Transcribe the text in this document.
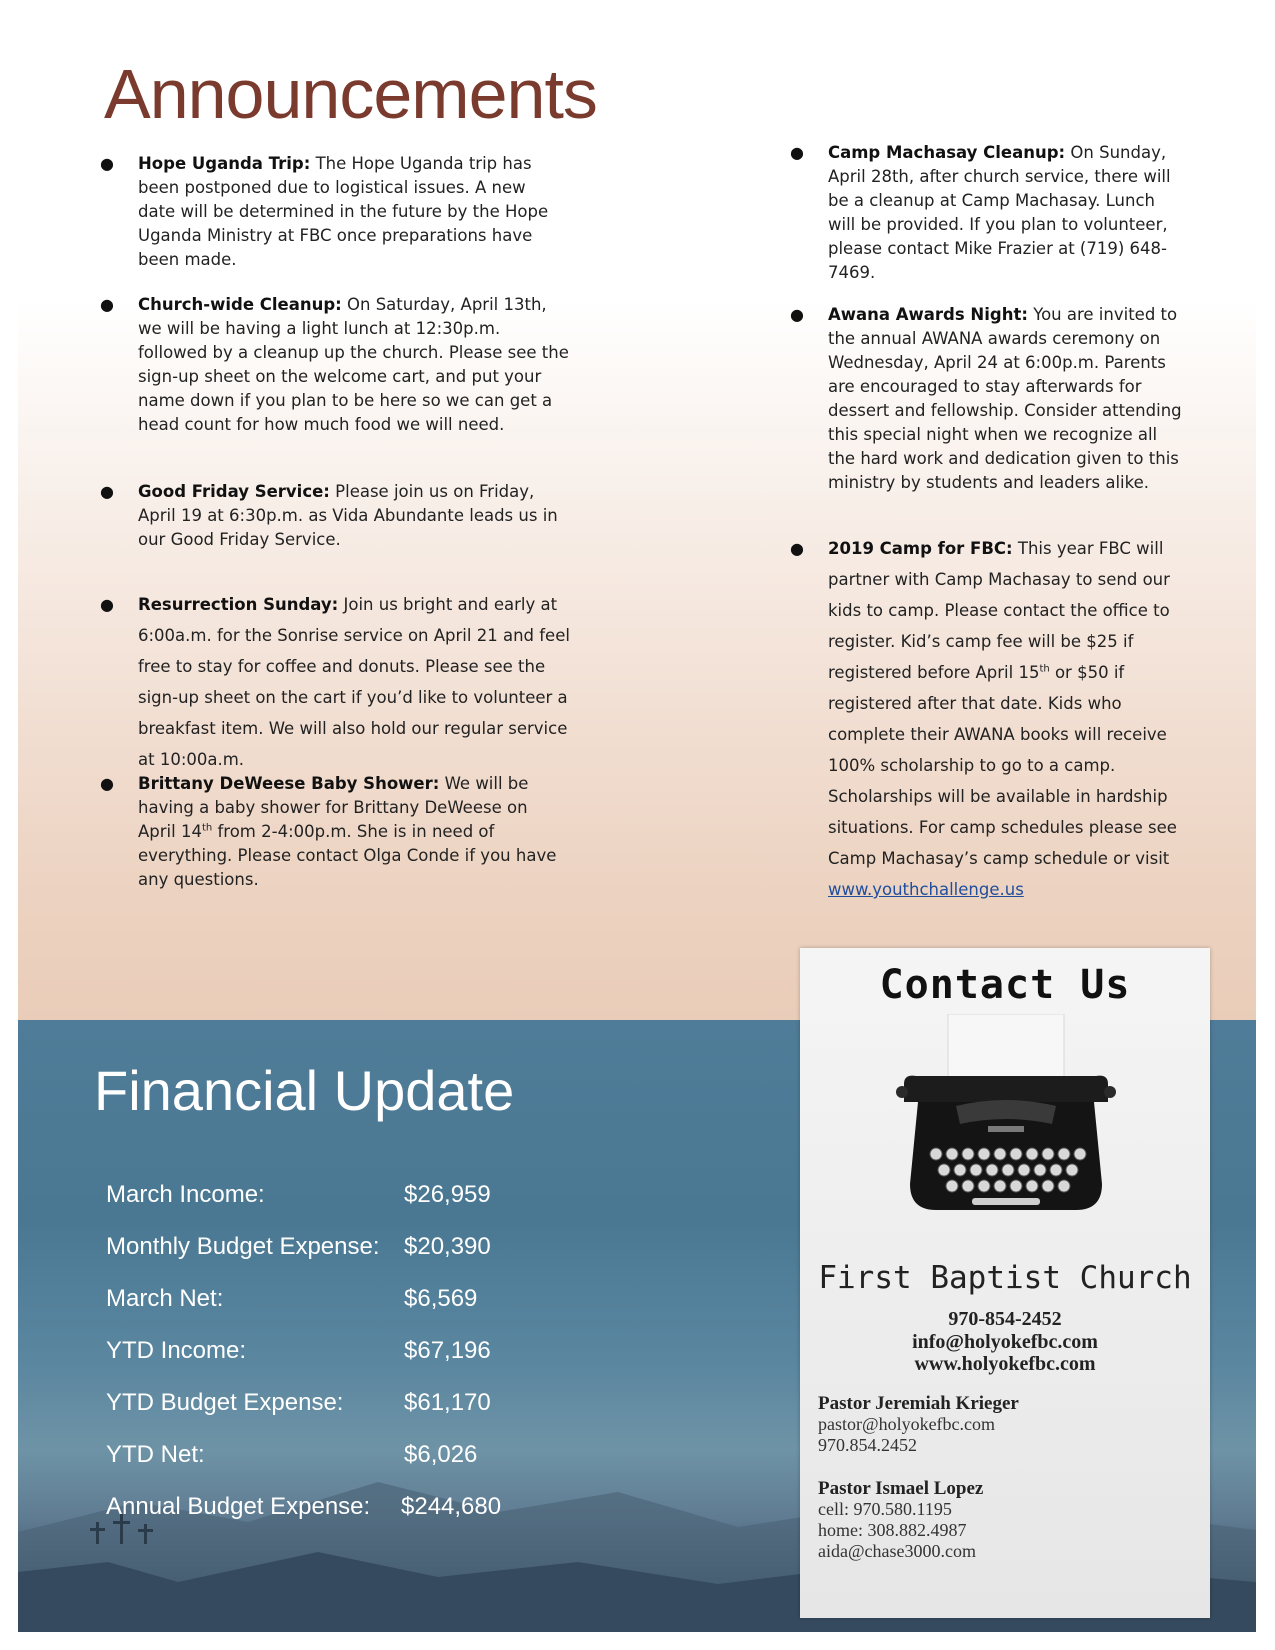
Announcements
● Hope Uganda Trip: The Hope Uganda trip has been postponed due to logistical issues. A new date will be determined in the future by the Hope Uganda Ministry at FBC once preparations have been made.
● Church-wide Cleanup: On Saturday, April 13th, we will be having a light lunch at 12:30p.m. followed by a cleanup up the church. Please see the sign-up sheet on the welcome cart, and put your name down if you plan to be here so we can get a head count for how much food we will need.
● Good Friday Service: Please join us on Friday, April 19 at 6:30p.m. as Vida Abundante leads us in our Good Friday Service.
● Resurrection Sunday: Join us bright and early at 6:00a.m. for the Sonrise service on April 21 and feel free to stay for coffee and donuts. Please see the sign-up sheet on the cart if you’d like to volunteer a breakfast item. We will also hold our regular service at 10:00a.m.
● Brittany DeWeese Baby Shower: We will be having a baby shower for Brittany DeWeese on April 14th from 2-4:00p.m. She is in need of everything. Please contact Olga Conde if you have any questions.
● Camp Machasay Cleanup: On Sunday, April 28th, after church service, there will be a cleanup at Camp Machasay. Lunch will be provided. If you plan to volunteer, please contact Mike Frazier at (719) 648-7469.
● Awana Awards Night: You are invited to the annual AWANA awards ceremony on Wednesday, April 24 at 6:00p.m. Parents are encouraged to stay afterwards for dessert and fellowship. Consider attending this special night when we recognize all the hard work and dedication given to this ministry by students and leaders alike.
● 2019 Camp for FBC: This year FBC will partner with Camp Machasay to send our kids to camp. Please contact the office to register. Kid’s camp fee will be $25 if registered before April 15th or $50 if registered after that date. Kids who complete their AWANA books will receive 100% scholarship to go to a camp. Scholarships will be available in hardship situations. For camp schedules please see Camp Machasay’s camp schedule or visit www.youthchallenge.us
Financial Update
March Income:	$26,959
Monthly Budget Expense: $20,390
March Net:	$6,569
YTD Income:	$67,196
YTD Budget Expense:	$61,170
YTD Net:	$6,026
Annual Budget Expense: $244,680
Contact Us
First Baptist Church
970-854-2452
info@holyokefbc.com
www.holyokefbc.com
Pastor Jeremiah Krieger
pastor@holyokefbc.com
970.854.2452
Pastor Ismael Lopez
cell: 970.580.1195
home: 308.882.4987
aida@chase3000.com
